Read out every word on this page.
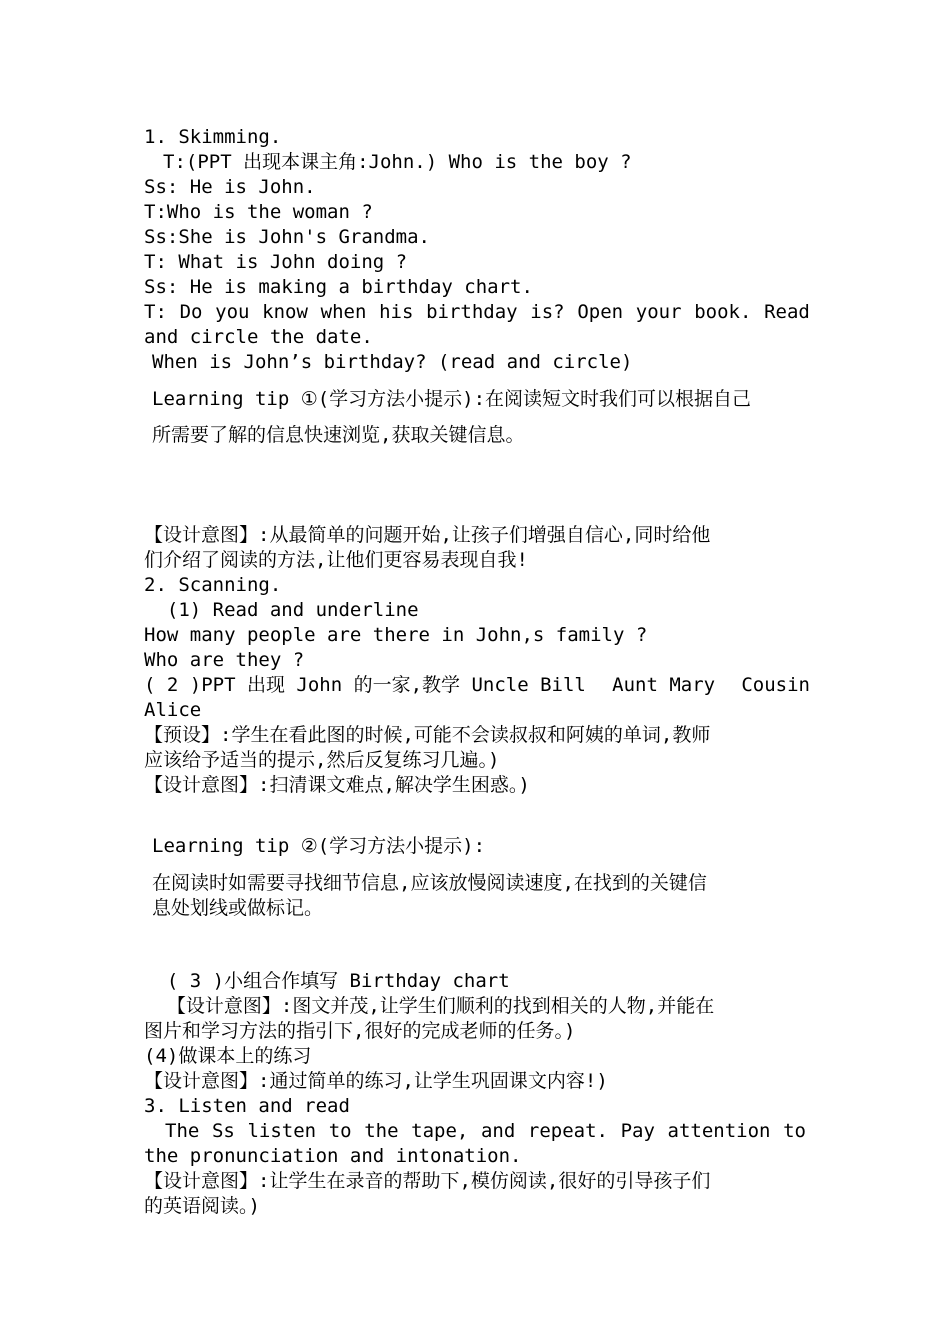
1. Skimming.
T:(PPT 出现本课主角:John.) Who is the boy ?
Ss: He is John.
T:Who is the woman ?
Ss:She is John's Grandma.
T: What is John doing ?
Ss: He is making a birthday chart.
T: Do you know when his birthday is? Open your book. Read
and circle the date.
When is John’s birthday? (read and circle)
Learning tip ①(学习方法小提示):在阅读短文时我们可以根据自己
所需要了解的信息快速浏览,获取关键信息。
【设计意图】:从最简单的问题开始,让孩子们增强自信心,同时给他
们介绍了阅读的方法,让他们更容易表现自我!
2. Scanning.
(1) Read and underline
How many people are there in John,s family ?
Who are they ?
( 2 )PPT 出现 John 的一家,教学 Uncle Bill Aunt Mary Cousin
Alice
【预设】:学生在看此图的时候,可能不会读叔叔和阿姨的单词,教师
应该给予适当的提示,然后反复练习几遍。)
【设计意图】:扫清课文难点,解决学生困惑。)
Learning tip ②(学习方法小提示):
在阅读时如需要寻找细节信息,应该放慢阅读速度,在找到的关键信
息处划线或做标记。
( 3 )小组合作填写 Birthday chart
【设计意图】:图文并茂,让学生们顺利的找到相关的人物,并能在
图片和学习方法的指引下,很好的完成老师的任务。)
(4)做课本上的练习
【设计意图】:通过简单的练习,让学生巩固课文内容!)
3. Listen and read
The Ss listen to the tape, and repeat. Pay attention to
the pronunciation and intonation.
【设计意图】:让学生在录音的帮助下,模仿阅读,很好的引导孩子们
的英语阅读。)
